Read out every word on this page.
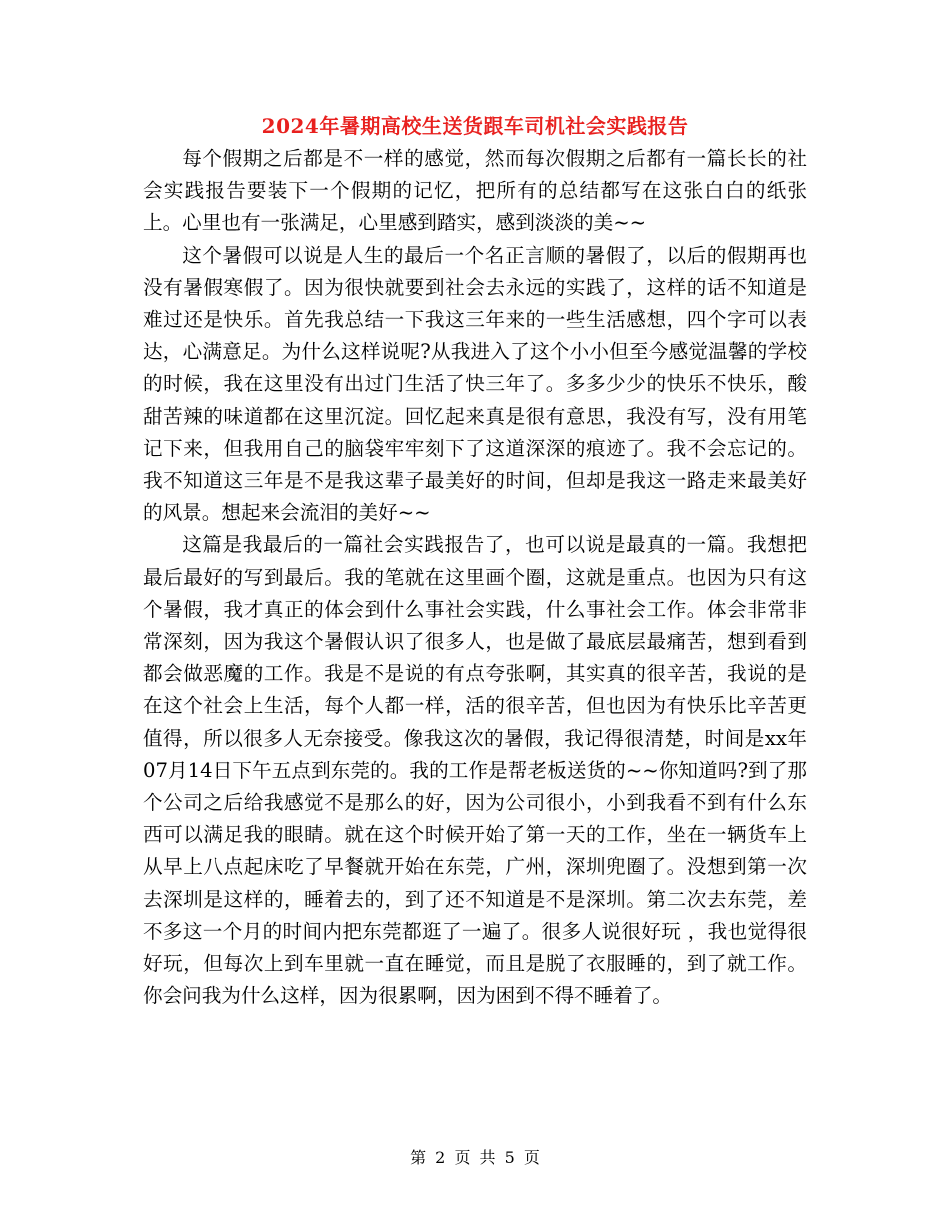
2024年暑期高校生送货跟车司机社会实践报告

每个假期之后都是不一样的感觉，然而每次假期之后都有一篇长长的社会实践报告要装下一个假期的记忆，把所有的总结都写在这张白白的纸张上。心里也有一张满足，心里感到踏实，感到淡淡的美~~

这个暑假可以说是人生的最后一个名正言顺的暑假了，以后的假期再也没有暑假寒假了。因为很快就要到社会去永远的实践了，这样的话不知道是难过还是快乐。首先我总结一下我这三年来的一些生活感想，四个字可以表达，心满意足。为什么这样说呢?从我进入了这个小小但至今感觉温馨的学校的时候，我在这里没有出过门生活了快三年了。多多少少的快乐不快乐，酸甜苦辣的味道都在这里沉淀。回忆起来真是很有意思，我没有写，没有用笔记下来，但我用自己的脑袋牢牢刻下了这道深深的痕迹了。我不会忘记的。我不知道这三年是不是我这辈子最美好的时间，但却是我这一路走来最美好的风景。想起来会流泪的美好~~

这篇是我最后的一篇社会实践报告了，也可以说是最真的一篇。我想把最后最好的写到最后。我的笔就在这里画个圈，这就是重点。也因为只有这个暑假，我才真正的体会到什么事社会实践，什么事社会工作。体会非常非常深刻，因为我这个暑假认识了很多人，也是做了最底层最痛苦，想到看到都会做恶魔的工作。我是不是说的有点夸张啊，其实真的很辛苦，我说的是在这个社会上生活，每个人都一样，活的很辛苦，但也因为有快乐比辛苦更值得，所以很多人无奈接受。像我这次的暑假，我记得很清楚，时间是xx年07月14日下午五点到东莞的。我的工作是帮老板送货的~~你知道吗?到了那个公司之后给我感觉不是那么的好，因为公司很小，小到我看不到有什么东西可以满足我的眼睛。就在这个时候开始了第一天的工作，坐在一辆货车上从早上八点起床吃了早餐就开始在东莞，广州，深圳兜圈了。没想到第一次去深圳是这样的，睡着去的，到了还不知道是不是深圳。第二次去东莞，差不多这一个月的时间内把东莞都逛了一遍了。很多人说很好玩 ，我也觉得很好玩，但每次上到车里就一直在睡觉，而且是脱了衣服睡的，到了就工作。你会问我为什么这样，因为很累啊，因为困到不得不睡着了。

第 2 页 共 5 页
